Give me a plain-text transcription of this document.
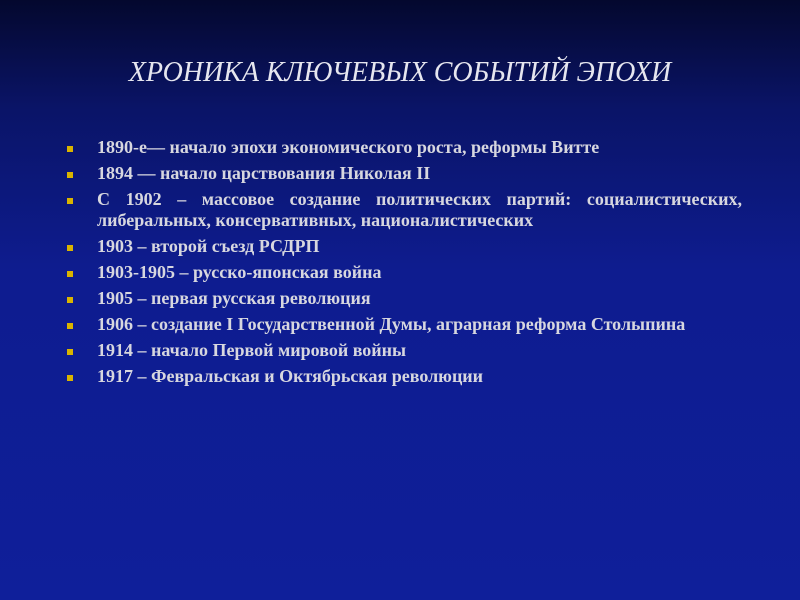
ХРОНИКА КЛЮЧЕВЫХ СОБЫТИЙ ЭПОХИ
1890-е— начало эпохи экономического роста, реформы Витте
1894 — начало царствования Николая II
С 1902 – массовое создание политических партий: социалистических, либеральных, консервативных, националистических
1903 – второй съезд РСДРП
1903-1905 – русско-японская война
1905 – первая русская революция
1906 – создание I Государственной Думы, аграрная реформа Столыпина
1914 – начало Первой мировой войны
1917 – Февральская и Октябрьская революции
